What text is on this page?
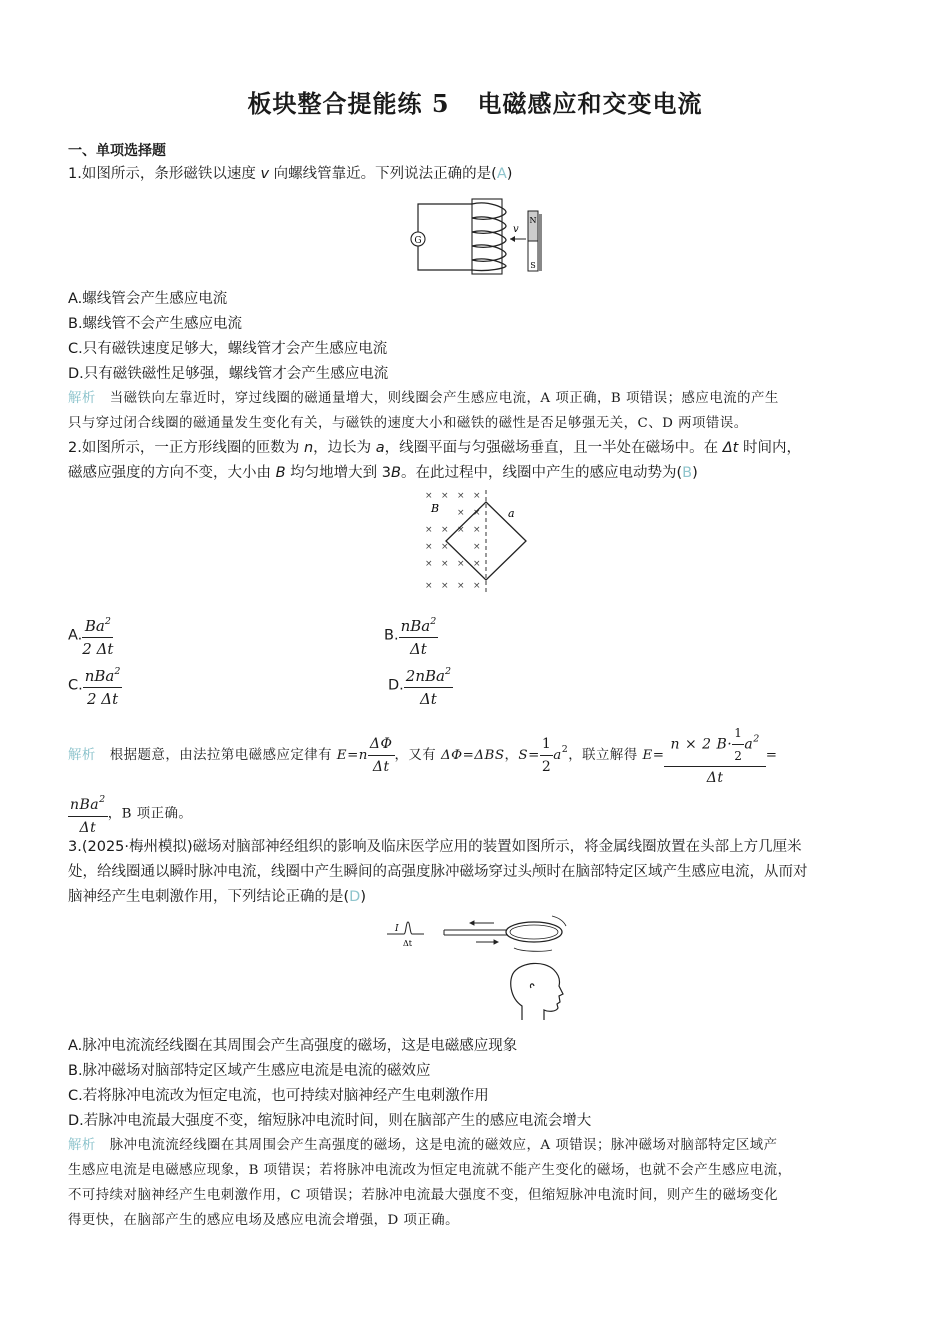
板块整合提能练 5 电磁感应和交变电流
一、单项选择题
1.如图所示，条形磁铁以速度 v 向螺线管靠近。下列说法正确的是(A)
G
v
N
S
A.螺线管会产生感应电流
B.螺线管不会产生感应电流
C.只有磁铁速度足够大，螺线管才会产生感应电流
D.只有磁铁磁性足够强，螺线管才会产生感应电流
解析 当磁铁向左靠近时，穿过线圈的磁通量增大，则线圈会产生感应电流，A 项正确，B 项错误；感应电流的产生
只与穿过闭合线圈的磁通量发生变化有关，与磁铁的速度大小和磁铁的磁性是否足够强无关，C、D 两项错误。
2.如图所示，一正方形线圈的匝数为 n，边长为 a，线圈平面与匀强磁场垂直，且一半处在磁场中。在 Δt 时间内，
磁感应强度的方向不变，大小由 B 均匀地增大到 3B。在此过程中，线圈中产生的感应电动势为(B)
× × × ×
× ×
× × × ×
× ×	×
× × × ×
× × × ×
B	a
A. $\frac{Ba^2}{2 \Delta t}$	B. $\frac{nBa^2}{\Delta t}$
C. $\frac{nBa^2}{2 \Delta t}$	D. $\frac{2nBa^2}{\Delta t}$
解析 根据题意，由法拉第电磁感应定律有 $E=n \frac{\Delta\Phi}{\Delta t}$ ，又有 ΔΦ=ΔBS，$S= \frac{1}{2} a^2$，联立解得 $E= \frac{n \times 2 B\cdot \frac{1}{2} a^2}{\Delta t}$ =
$\frac{nBa^2}{\Delta t}$ ，B 项正确。
3.(2025·梅州模拟)磁场对脑部神经组织的影响及临床医学应用的装置如图所示，将金属线圈放置在头部上方几厘米
处，给线圈通以瞬时脉冲电流，线圈中产生瞬间的高强度脉冲磁场穿过头颅时在脑部特定区域产生感应电流，从而对
脑神经产生电刺激作用，下列结论正确的是(D)
I
Δt
A.脉冲电流流经线圈在其周围会产生高强度的磁场，这是电磁感应现象
B.脉冲磁场对脑部特定区域产生感应电流是电流的磁效应
C.若将脉冲电流改为恒定电流，也可持续对脑神经产生电刺激作用
D.若脉冲电流最大强度不变，缩短脉冲电流时间，则在脑部产生的感应电流会增大
解析 脉冲电流流经线圈在其周围会产生高强度的磁场，这是电流的磁效应，A 项错误；脉冲磁场对脑部特定区域产
生感应电流是电磁感应现象，B 项错误；若将脉冲电流改为恒定电流就不能产生变化的磁场，也就不会产生感应电流，
不可持续对脑神经产生电刺激作用，C 项错误；若脉冲电流最大强度不变，但缩短脉冲电流时间，则产生的磁场变化
得更快，在脑部产生的感应电场及感应电流会增强，D 项正确。
